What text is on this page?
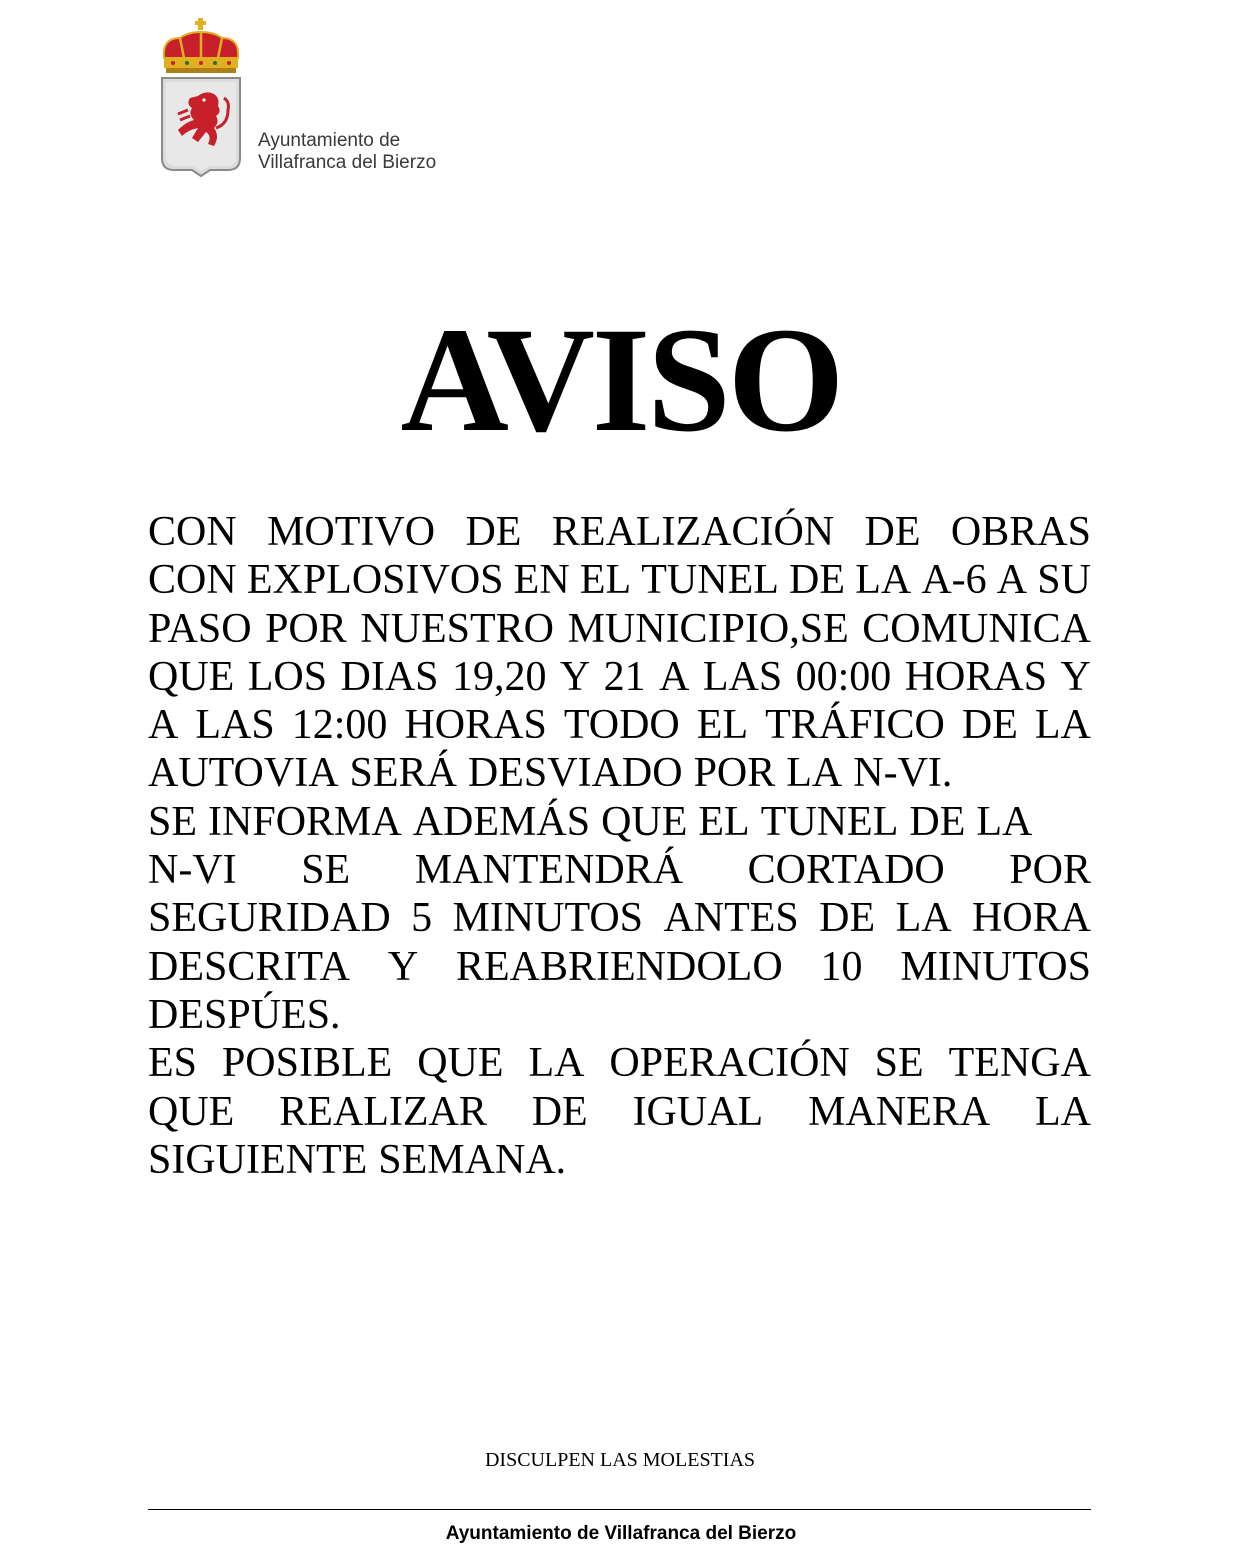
Ayuntamiento de
Villafranca del Bierzo
AVISO
CON MOTIVO DE REALIZACIÓN DE OBRAS
CON EXPLOSIVOS EN EL TUNEL DE LA A-6 A SU
PASO POR NUESTRO MUNICIPIO,SE COMUNICA
QUE LOS DIAS 19,20 Y 21 A LAS 00:00 HORAS Y
A LAS 12:00 HORAS TODO EL TRÁFICO DE LA
AUTOVIA SERÁ DESVIADO POR LA N-VI.
SE INFORMA ADEMÁS QUE EL TUNEL DE LA
N-VI SE MANTENDRÁ CORTADO POR
SEGURIDAD 5 MINUTOS ANTES DE LA HORA
DESCRITA Y REABRIENDOLO 10 MINUTOS
DESPÚES.
ES POSIBLE QUE LA OPERACIÓN SE TENGA
QUE REALIZAR DE IGUAL MANERA LA
SIGUIENTE SEMANA.
DISCULPEN LAS MOLESTIAS
Ayuntamiento de Villafranca del Bierzo
